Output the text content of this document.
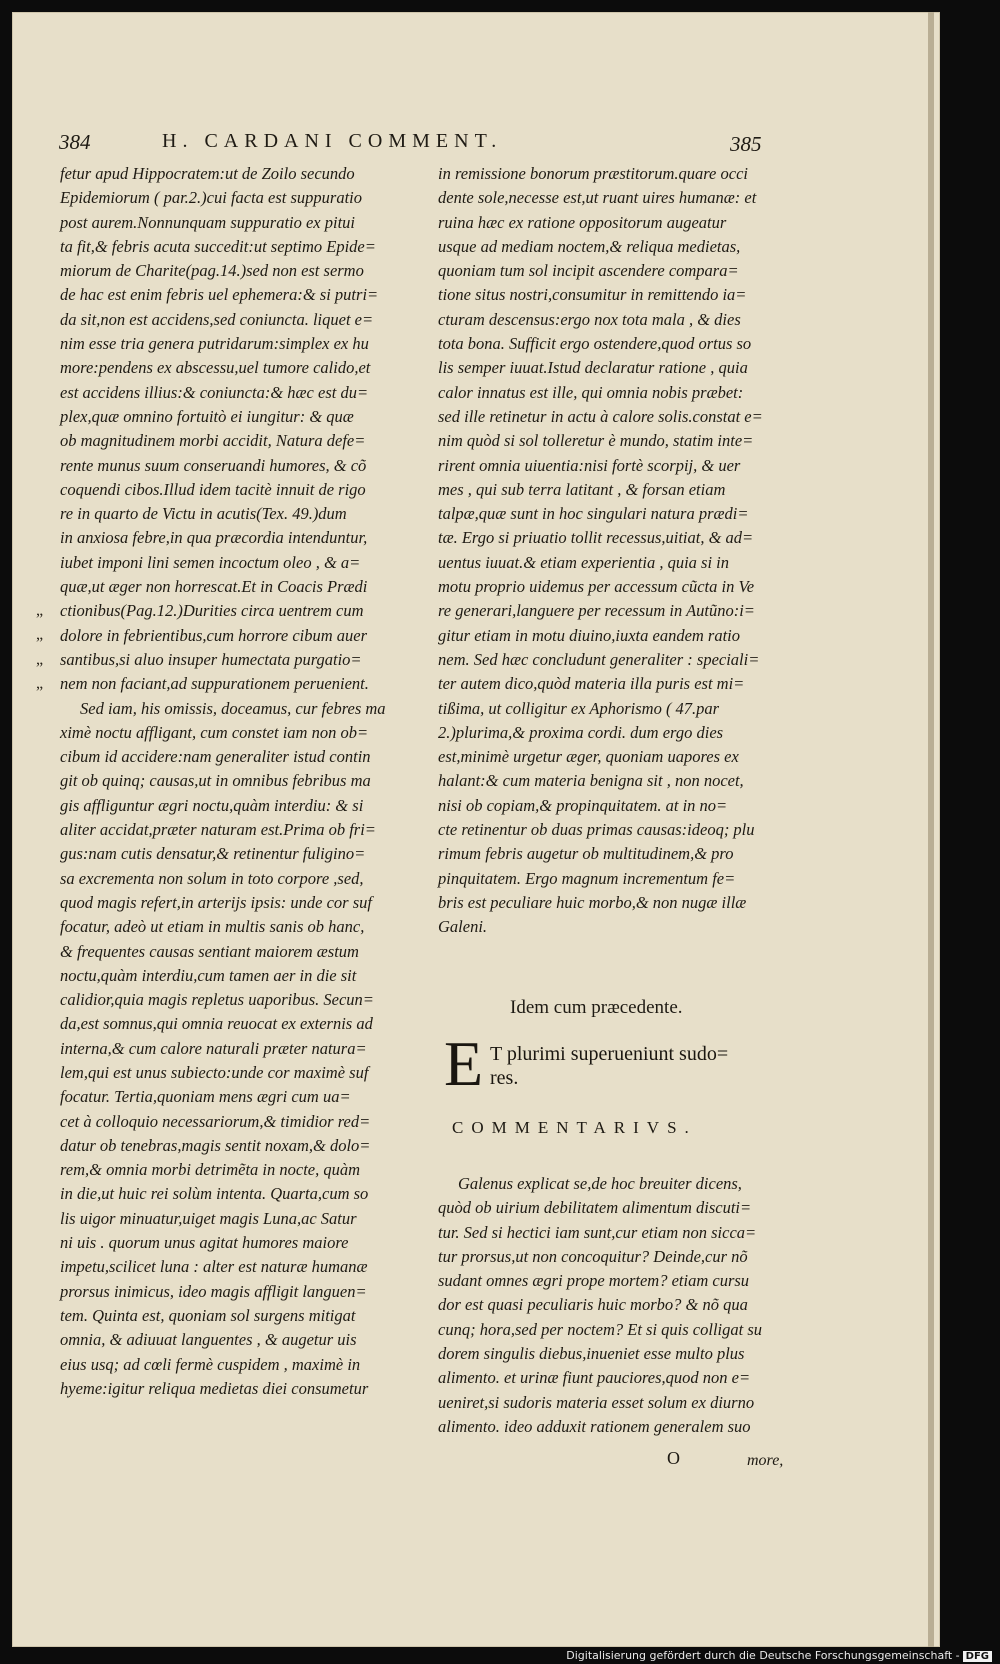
384	H. CARDANI COMMENT.	385
„
„
„
„
fetur apud Hippocratem:ut de Zoilo secundo
Epidemiorum ( par.2.)cui facta est suppuratio
post aurem.Nonnunquam suppuratio ex pitui
ta fit,& febris acuta succedit:ut septimo Epide=
miorum de Charite(pag.14.)sed non est sermo
de hac est enim febris uel ephemera:& si putri=
da sit,non est accidens,sed coniuncta. liquet e=
nim esse tria genera putridarum:simplex ex hu
more:pendens ex abscessu,uel tumore calido,et
est accidens illius:& coniuncta:& hæc est du=
plex,quæ omnino fortuitò ei iungitur: & quæ
ob magnitudinem morbi accidit, Natura defe=
rente munus suum conseruandi humores, & cõ
coquendi cibos.Illud idem tacitè innuit de rigo
re in quarto de Victu in acutis(Tex. 49.)dum
in anxiosa febre,in qua præcordia intenduntur,
iubet imponi lini semen incoctum oleo , & a=
quæ,ut æger non horrescat.Et in Coacis Prædi
ctionibus(Pag.12.)Durities circa uentrem cum
dolore in febrientibus,cum horrore cibum auer
santibus,si aluo insuper humectata purgatio=
nem non faciant,ad suppurationem peruenient.
Sed iam, his omissis, doceamus, cur febres ma
ximè noctu affligant, cum constet iam non ob=
cibum id accidere:nam generaliter istud contin
git ob quinq; causas,ut in omnibus febribus ma
gis affliguntur ægri noctu,quàm interdiu: & si
aliter accidat,præter naturam est.Prima ob fri=
gus:nam cutis densatur,& retinentur fuligino=
sa excrementa non solum in toto corpore ,sed,
quod magis refert,in arterijs ipsis: unde cor suf
focatur, adeò ut etiam in multis sanis ob hanc,
& frequentes causas sentiant maiorem æstum
noctu,quàm interdiu,cum tamen aer in die sit
calidior,quia magis repletus uaporibus. Secun=
da,est somnus,qui omnia reuocat ex externis ad
interna,& cum calore naturali præter natura=
lem,qui est unus subiecto:unde cor maximè suf
focatur. Tertia,quoniam mens ægri cum ua=
cet à colloquio necessariorum,& timidior red=
datur ob tenebras,magis sentit noxam,& dolo=
rem,& omnia morbi detrimẽta in nocte, quàm
in die,ut huic rei solùm intenta. Quarta,cum so
lis uigor minuatur,uiget magis Luna,ac Satur
ni uis . quorum unus agitat humores maiore
impetu,scilicet luna : alter est naturæ humanæ
prorsus inimicus, ideo magis affligit languen=
tem. Quinta est, quoniam sol surgens mitigat
omnia, & adiuuat languentes , & augetur uis
eius usq; ad cœli fermè cuspidem , maximè in
hyeme:igitur reliqua medietas diei consumetur
in remissione bonorum præstitorum.quare occi
dente sole,necesse est,ut ruant uires humanæ: et
ruina hæc ex ratione oppositorum augeatur
usque ad mediam noctem,& reliqua medietas,
quoniam tum sol incipit ascendere compara=
tione situs nostri,consumitur in remittendo ia=
cturam descensus:ergo nox tota mala , & dies
tota bona. Sufficit ergo ostendere,quod ortus so
lis semper iuuat.Istud declaratur ratione , quia
calor innatus est ille, qui omnia nobis præbet:
sed ille retinetur in actu à calore solis.constat e=
nim quòd si sol tolleretur è mundo, statim inte=
rirent omnia uiuentia:nisi fortè scorpij, & uer
mes , qui sub terra latitant , & forsan etiam
talpæ,quæ sunt in hoc singulari natura prædi=
tæ. Ergo si priuatio tollit recessus,uitiat, & ad=
uentus iuuat.& etiam experientia , quia si in
motu proprio uidemus per accessum cũcta in Ve
re generari,languere per recessum in Autũno:i=
gitur etiam in motu diuino,iuxta eandem ratio
nem. Sed hæc concludunt generaliter : speciali=
ter autem dico,quòd materia illa puris est mi=
tißima, ut colligitur ex Aphorismo ( 47.par
2.)plurima,& proxima cordi. dum ergo dies
est,minimè urgetur æger, quoniam uapores ex
halant:& cum materia benigna sit , non nocet,
nisi ob copiam,& propinquitatem. at in no=
cte retinentur ob duas primas causas:ideoq; plu
rimum febris augetur ob multitudinem,& pro
pinquitatem. Ergo magnum incrementum fe=
bris est peculiare huic morbo,& non nugæ illæ
Galeni.
Idem cum præcedente.
E T plurimi superueniunt sudo=
res.
COMMENTARIVS.
Galenus explicat se,de hoc breuiter dicens,
quòd ob uirium debilitatem alimentum discuti=
tur. Sed si hectici iam sunt,cur etiam non sicca=
tur prorsus,ut non concoquitur? Deinde,cur nõ
sudant omnes ægri prope mortem? etiam cursu
dor est quasi peculiaris huic morbo? & nõ qua
cunq; hora,sed per noctem? Et si quis colligat su
dorem singulis diebus,inueniet esse multo plus
alimento. et urinæ fiunt pauciores,quod non e=
ueniret,si sudoris materia esset solum ex diurno
alimento. ideo adduxit rationem generalem suo
O	more,
Digitalisierung gefördert durch die Deutsche Forschungsgemeinschaft - DFG
